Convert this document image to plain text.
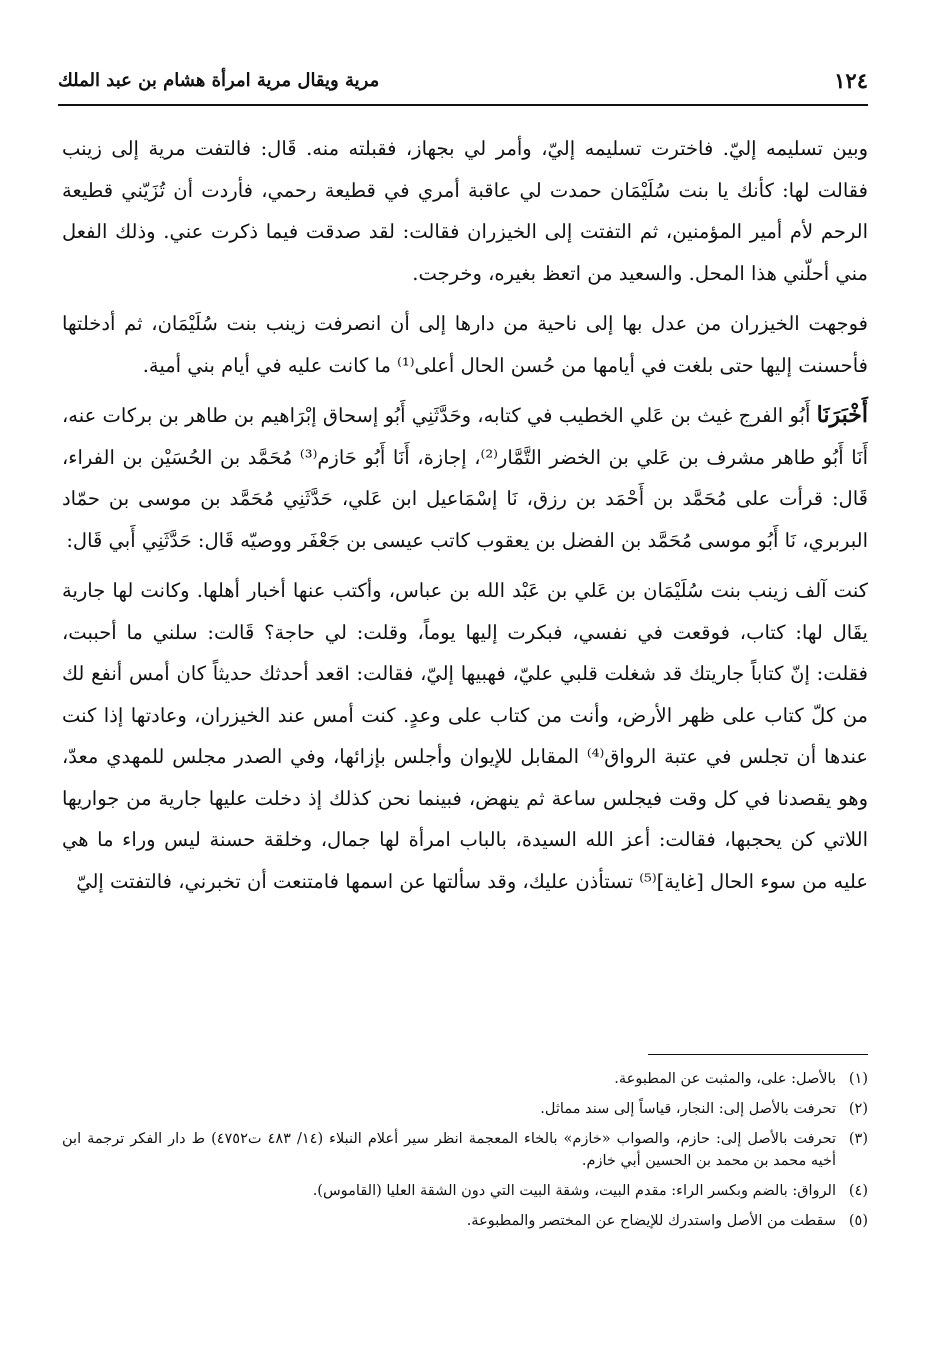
١٢٤
مرية ويقال مرية امرأة هشام بن عبد الملك

وبين تسليمه إليّ. فاخترت تسليمه إليّ، وأمر لي بجهاز، فقبلته منه. قَال: فالتفت مرية إلى زينب فقالت لها: كأنك يا بنت سُلَيْمَان حمدت لي عاقبة أمري في قطيعة رحمي، فأردت أن تُزَيّني قطيعة الرحم لأم أمير المؤمنين، ثم التفتت إلى الخيزران فقالت: لقد صدقت فيما ذكرت عني. وذلك الفعل مني أحلّني هذا المحل. والسعيد من اتعظ بغيره، وخرجت.

فوجهت الخيزران من عدل بها إلى ناحية من دارها إلى أن انصرفت زينب بنت سُلَيْمَان، ثم أدخلتها فأحسنت إليها حتى بلغت في أيامها من حُسن الحال أعلى⁽¹⁾ ما كانت عليه في أيام بني أمية.

أَخْبَرَنَا أَبُو الفرج غيث بن عَلي الخطيب في كتابه، وحَدَّثَنِي أَبُو إسحاق إبْرَاهيم بن طاهر بن بركات عنه، أَنَا أَبُو طاهر مشرف بن عَلي بن الخضر التَّمَّار⁽²⁾، إجازة، أَنَا أَبُو حَازم⁽³⁾ مُحَمَّد بن الحُسَيْن بن الفراء، قَال: قرأت على مُحَمَّد بن أَحْمَد بن رزق، نَا إسْمَاعيل ابن عَلي، حَدَّثَنِي مُحَمَّد بن موسى بن حمّاد البربري، نَا أَبُو موسى مُحَمَّد بن الفضل بن يعقوب كاتب عيسى بن جَعْفَر ووصيّه قَال: حَدَّثَنِي أَبي قَال:

كنت آلف زينب بنت سُلَيْمَان بن عَلي بن عَبْد الله بن عباس، وأكتب عنها أخبار أهلها. وكانت لها جارية يقَال لها: كتاب، فوقعت في نفسي، فبكرت إليها يوماً، وقلت: لي حاجة؟ قَالت: سلني ما أحببت، فقلت: إنّ كتاباً جاريتك قد شغلت قلبي عليّ، فهبيها إليّ، فقالت: اقعد أحدثك حديثاً كان أمس أنفع لك من كلّ كتاب على ظهر الأرض، وأنت من كتاب على وعدٍ. كنت أمس عند الخيزران، وعادتها إذا كنت عندها أن تجلس في عتبة الرواق⁽⁴⁾ المقابل للإيوان وأجلس بإزائها، وفي الصدر مجلس للمهدي معدّ، وهو يقصدنا في كل وقت فيجلس ساعة ثم ينهض، فبينما نحن كذلك إذ دخلت عليها جارية من جواريها اللاتي كن يحجبها، فقالت: أعز الله السيدة، بالباب امرأة لها جمال، وخلقة حسنة ليس وراء ما هي عليه من سوء الحال [غاية]⁽⁵⁾ تستأذن عليك، وقد سألتها عن اسمها فامتنعت أن تخبرني، فالتفتت إليّ

(١)
بالأصل: على، والمثبت عن المطبوعة.
(٢)
تحرفت بالأصل إلى: النجار، قياساً إلى سند مماثل.
(٣)
تحرفت بالأصل إلى: حازم، والصواب «خازم» بالخاء المعجمة انظر سير أعلام النبلاء (١٤/ ٤٨٣ ت٤٧٥٢) ط دار الفكر ترجمة ابن أخيه محمد بن محمد بن الحسين أبي خازم.
(٤)
الرواق: بالضم وبكسر الراء: مقدم البيت، وشقة البيت التي دون الشقة العليا (القاموس).
(٥)
سقطت من الأصل واستدرك للإيضاح عن المختصر والمطبوعة.
